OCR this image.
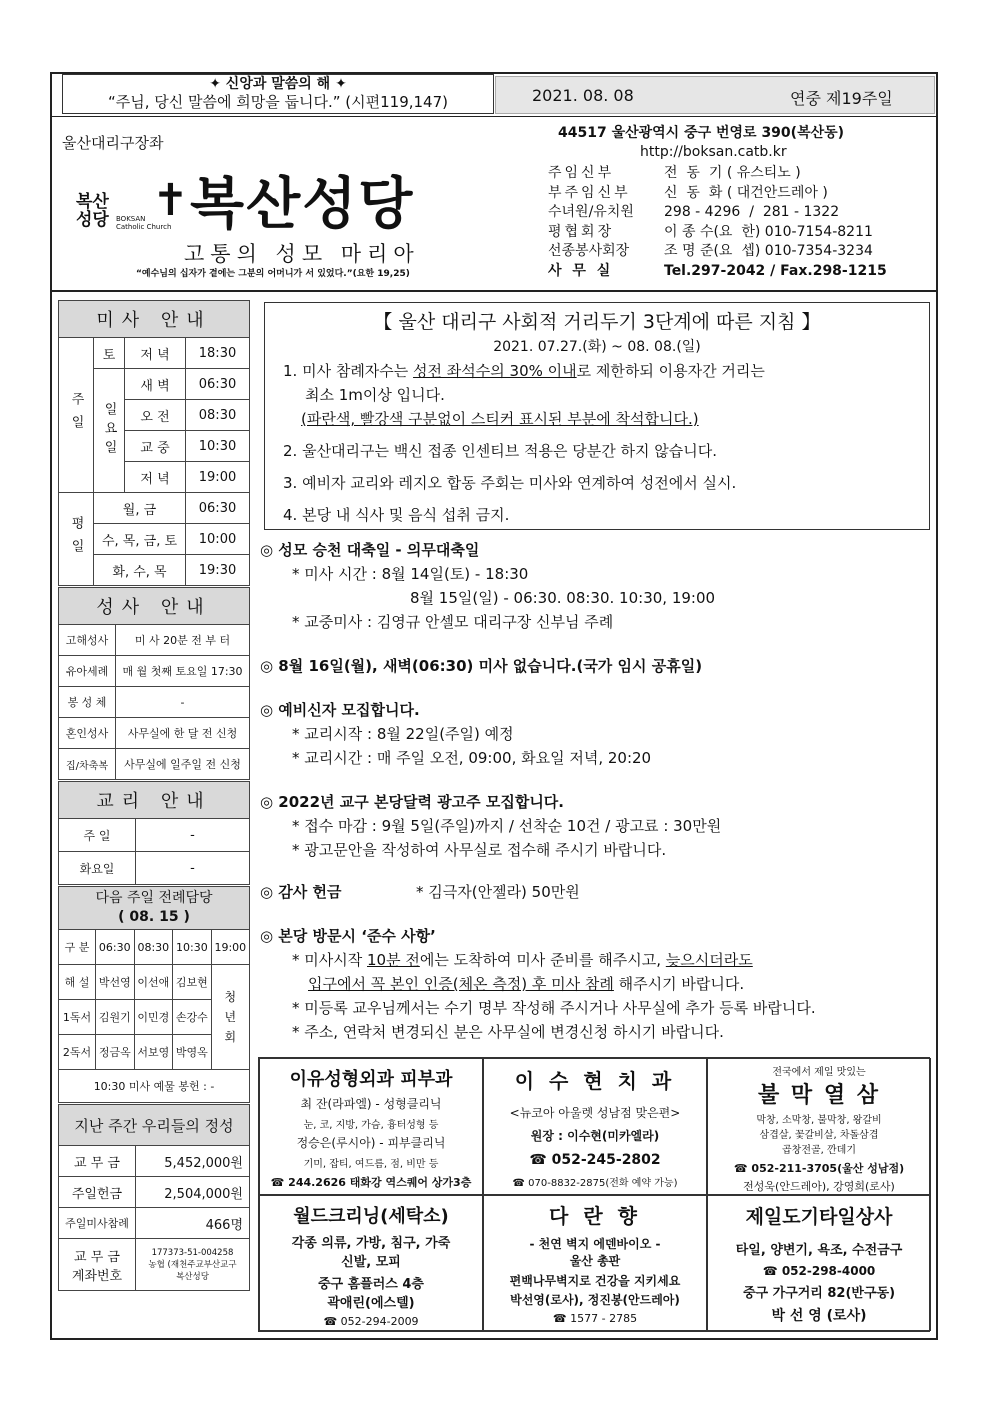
✦ 신앙과 말씀의 해 ✦
“주님, 당신 말씀에 희망을 둡니다.” (시편119,147)	2021. 08. 08	연중 제19주일
울산대리구장좌
복산
성당 BOKSAN
Catholic Church
✝ 복산성당
고통의 성모 마리아
“예수님의 십자가 곁에는 그분의 어머니가 서 있었다.”(요한 19,25)
44517 울산광역시 중구 번영로 390(복산동)
http://boksan.catb.kr
주임신부	전  동  기 ( 유스티노 )
부주임신부	신  동  화 ( 대건안드레아 )
수녀원/유치원	298 - 4296  /  281 - 1322
평협회장	이 종 수(요  한) 010-7154-8211
선종봉사회장	조 명 준(요  셉) 010-7354-3234
사 무 실	Tel.297-2042 / Fax.298-1215
미사 안내			
주일	토	저 녁	18:30
	일요일	새 벽	06:30
		오 전	08:30
		교 중	10:30
		저 녁	19:00
평일	월, 금		06:30
	수, 목, 금, 토		10:00
	화, 수, 목		19:30
성사 안내	
고해성사	미 사 20분 전 부 터
유아세례	매 월 첫째 토요일 17:30
봉 성 체	-
혼인성사	사무실에 한 달 전 신청
집/차축복	사무실에 일주일 전 신청
교리 안내	
주 일	-
화요일	-
다음 주일 전례담당
( 08. 15 )				

구 분	06:30	08:30	10:30	19:00
해 설	박선영	이선애	김보현	청
년
회
1독서	김원기	이민경	손강수	
2독서	정금옥	서보영	박영옥	
10:30 미사 예물 봉헌 : -				
지난 주간 우리들의 정성	
교 무 금	5,452,000원
주일헌금	2,504,000원
주일미사참례	466명
교 무 금
계좌번호	177373-51-004258
농협 (재천주교부산교구
복산성당
【 울산 대리구 사회적 거리두기 3단계에 따른 지침 】
2021. 07.27.(화) ~ 08. 08.(일)
1. 미사 참례자수는 성전 좌석수의 30% 이내로 제한하되 이용자간 거리는
최소 1m이상 입니다.
(파란색, 빨강색 구분없이 스티커 표시된 부분에 착석합니다.)
2. 울산대리구는 백신 접종 인센티브 적용은 당분간 하지 않습니다.
3. 예비자 교리와 레지오 합동 주회는 미사와 연계하여 성전에서 실시.
4. 본당 내 식사 및 음식 섭취 금지.
◎ 성모 승천 대축일 - 의무대축일
* 미사 시간 : 8월 14일(토) - 18:30
8월 15일(일) - 06:30. 08:30. 10:30, 19:00
* 교중미사 : 김영규 안셀모 대리구장 신부님 주례
◎ 8월 16일(월), 새벽(06:30) 미사 없습니다.(국가 임시 공휴일)
◎ 예비신자 모집합니다.
* 교리시작 : 8월 22일(주일) 예정
* 교리시간 : 매 주일 오전, 09:00, 화요일 저녁, 20:20
◎ 2022년 교구 본당달력 광고주 모집합니다.
* 접수 마감 : 9월 5일(주일)까지 / 선착순 10건 / 광고료 : 30만원
* 광고문안을 작성하여 사무실로 접수해 주시기 바랍니다.
◎ 감사 헌금	* 김극자(안젤라) 50만원
◎ 본당 방문시 ‘준수 사항’
* 미사시작 10분 전에는 도착하여 미사 준비를 해주시고, 늦으시더라도
입구에서 꼭 본인 인증(체온 측정) 후 미사 참례 해주시기 바랍니다.
* 미등록 교우님께서는 수기 명부 작성해 주시거나 사무실에 추가 등록 바랍니다.
* 주소, 연락처 변경되신 분은 사무실에 변경신청 하시기 바랍니다.
이유성형외과 피부과
최 잔(라파엘) - 성형클리닉
눈, 코, 지방, 가슴, 흉터성형 등
정승은(루시아) - 피부클리닉
기미, 잡티, 여드름, 점, 비만 등
☎ 244.2626 태화강 역스퀘어 상가3층
이 수 현 치 과
<뉴코아 아울렛 성남점 맞은편>
원장 : 이수현(미카엘라)
☎ 052-245-2802
☎ 070-8832-2875(전화 예약 가능)
전국에서 제일 맛있는
불 막 열 삼
막창, 소막창, 불막창, 왕갈비
삼겹살, 꽃갈비살, 차돌삼겹
곱창전골, 깐데기
☎ 052-211-3705(울산 성남점)
전성욱(안드레아), 강영희(로사)
월드크리닝(세탁소)
각종 의류, 가방, 침구, 가죽
신발, 모피
중구 홈플러스 4층
곽애린(에스텔)
☎ 052-294-2009
다 란 향
- 천연 벽지 에덴바이오 -
울산 총판
편백나무벽지로 건강을 지키세요
박선영(로사), 정진봉(안드레아)
☎ 1577 - 2785
제일도기타일상사
타일, 양변기, 욕조, 수전금구
☎ 052-298-4000
중구 가구거리 82(반구동)
박 선 영 (로사)
